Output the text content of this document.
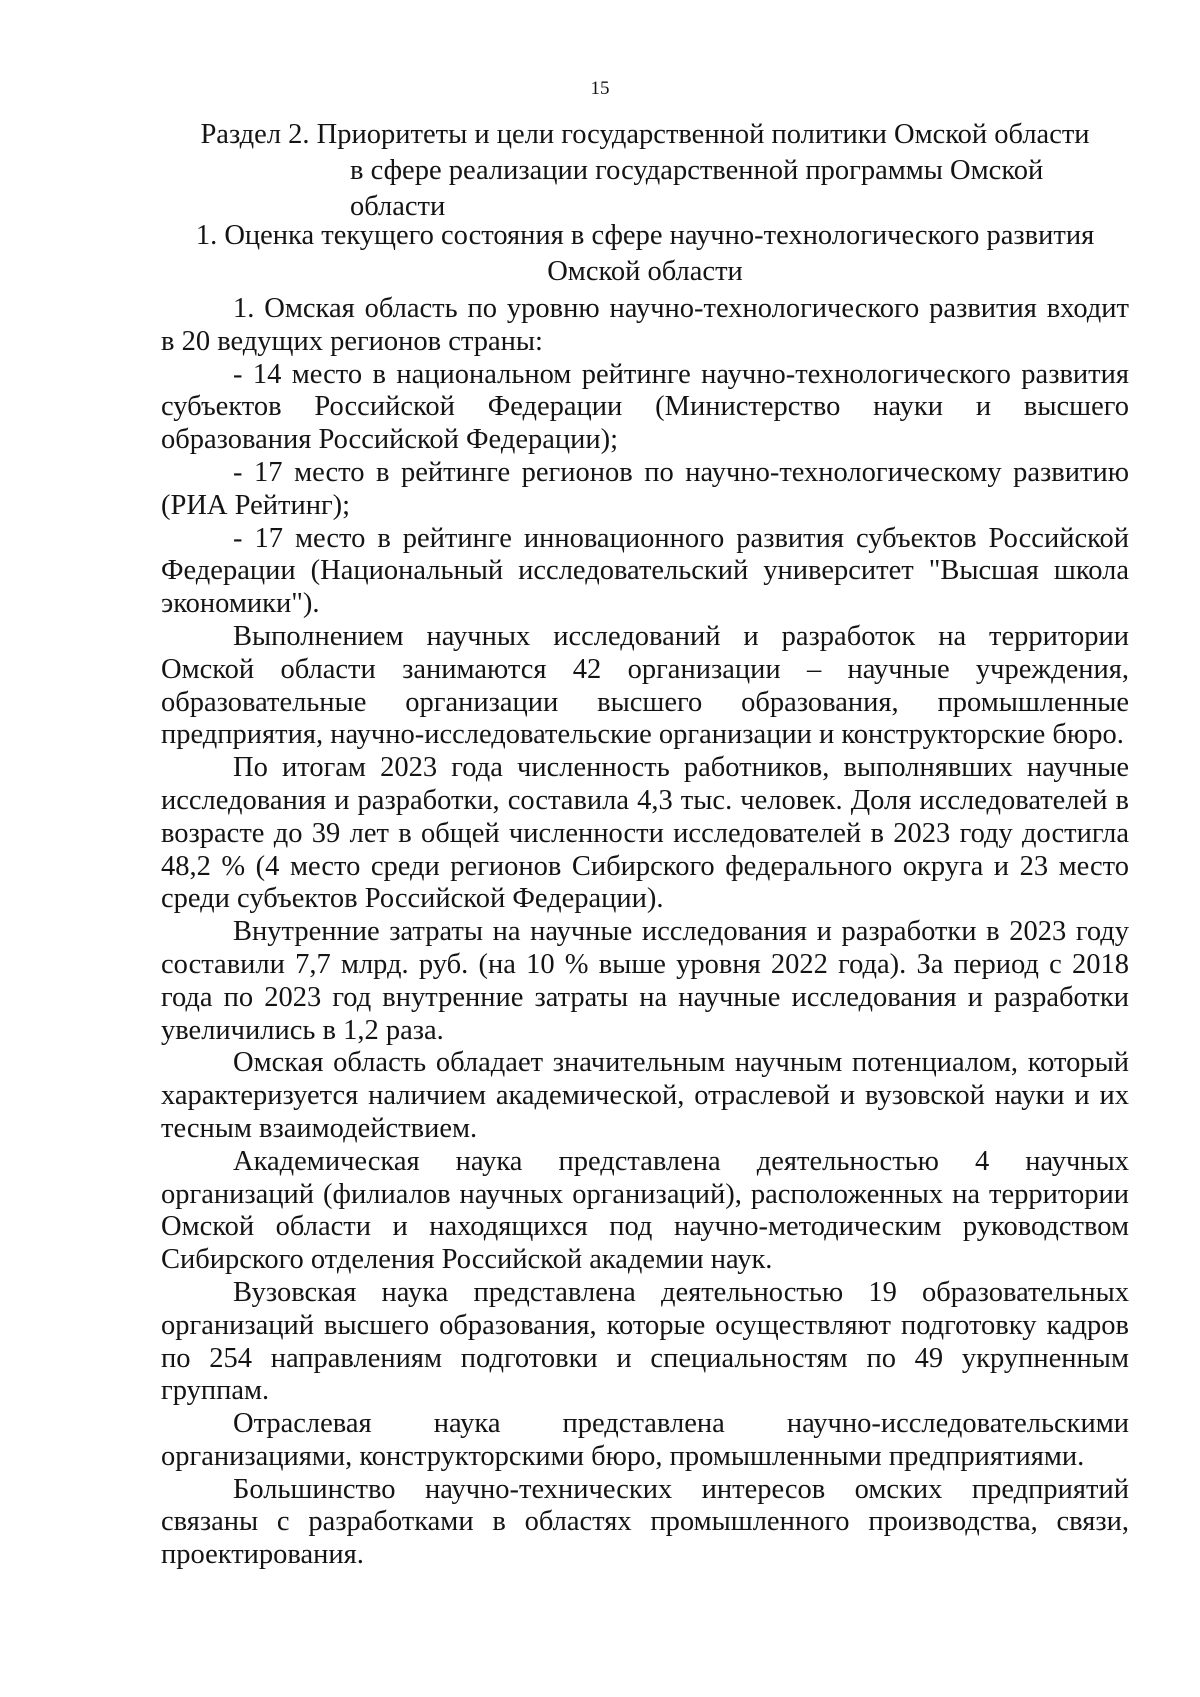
15
Раздел 2. Приоритеты и цели государственной политики Омской области
в сфере реализации государственной программы Омской области
1. Оценка текущего состояния в сфере научно-технологического развития
Омской области

1. Омская область по уровню научно-технологического развития входит в 20 ведущих регионов страны:

- 14 место в национальном рейтинге научно-технологического развития субъектов Российской Федерации (Министерство науки и высшего образования Российской Федерации);

- 17 место в рейтинге регионов по научно-технологическому развитию (РИА Рейтинг);

- 17 место в рейтинге инновационного развития субъектов Российской Федерации (Национальный исследовательский университет "Высшая школа экономики").

Выполнением научных исследований и разработок на территории Омской области занимаются 42 организации – научные учреждения, образовательные организации высшего образования, промышленные предприятия, научно-исследовательские организации и конструкторские бюро.

По итогам 2023 года численность работников, выполнявших научные исследования и разработки, составила 4,3 тыс. человек. Доля исследователей в возрасте до 39 лет в общей численности исследователей в 2023 году достигла 48,2 % (4 место среди регионов Сибирского федерального округа и 23 место среди субъектов Российской Федерации).

Внутренние затраты на научные исследования и разработки в 2023 году составили 7,7 млрд. руб. (на 10 % выше уровня 2022 года). За период с 2018 года по 2023 год внутренние затраты на научные исследования и разработки увеличились в 1,2 раза.

Омская область обладает значительным научным потенциалом, который характеризуется наличием академической, отраслевой и вузовской науки и их тесным взаимодействием.

Академическая наука представлена деятельностью 4 научных организаций (филиалов научных организаций), расположенных на территории Омской области и находящихся под научно-методическим руководством Сибирского отделения Российской академии наук.

Вузовская наука представлена деятельностью 19 образовательных организаций высшего образования, которые осуществляют подготовку кадров по 254 направлениям подготовки и специальностям по 49 укрупненным группам.

Отраслевая наука представлена научно-исследовательскими организациями, конструкторскими бюро, промышленными предприятиями.

Большинство научно-технических интересов омских предприятий связаны с разработками в областях промышленного производства, связи, проектирования.
